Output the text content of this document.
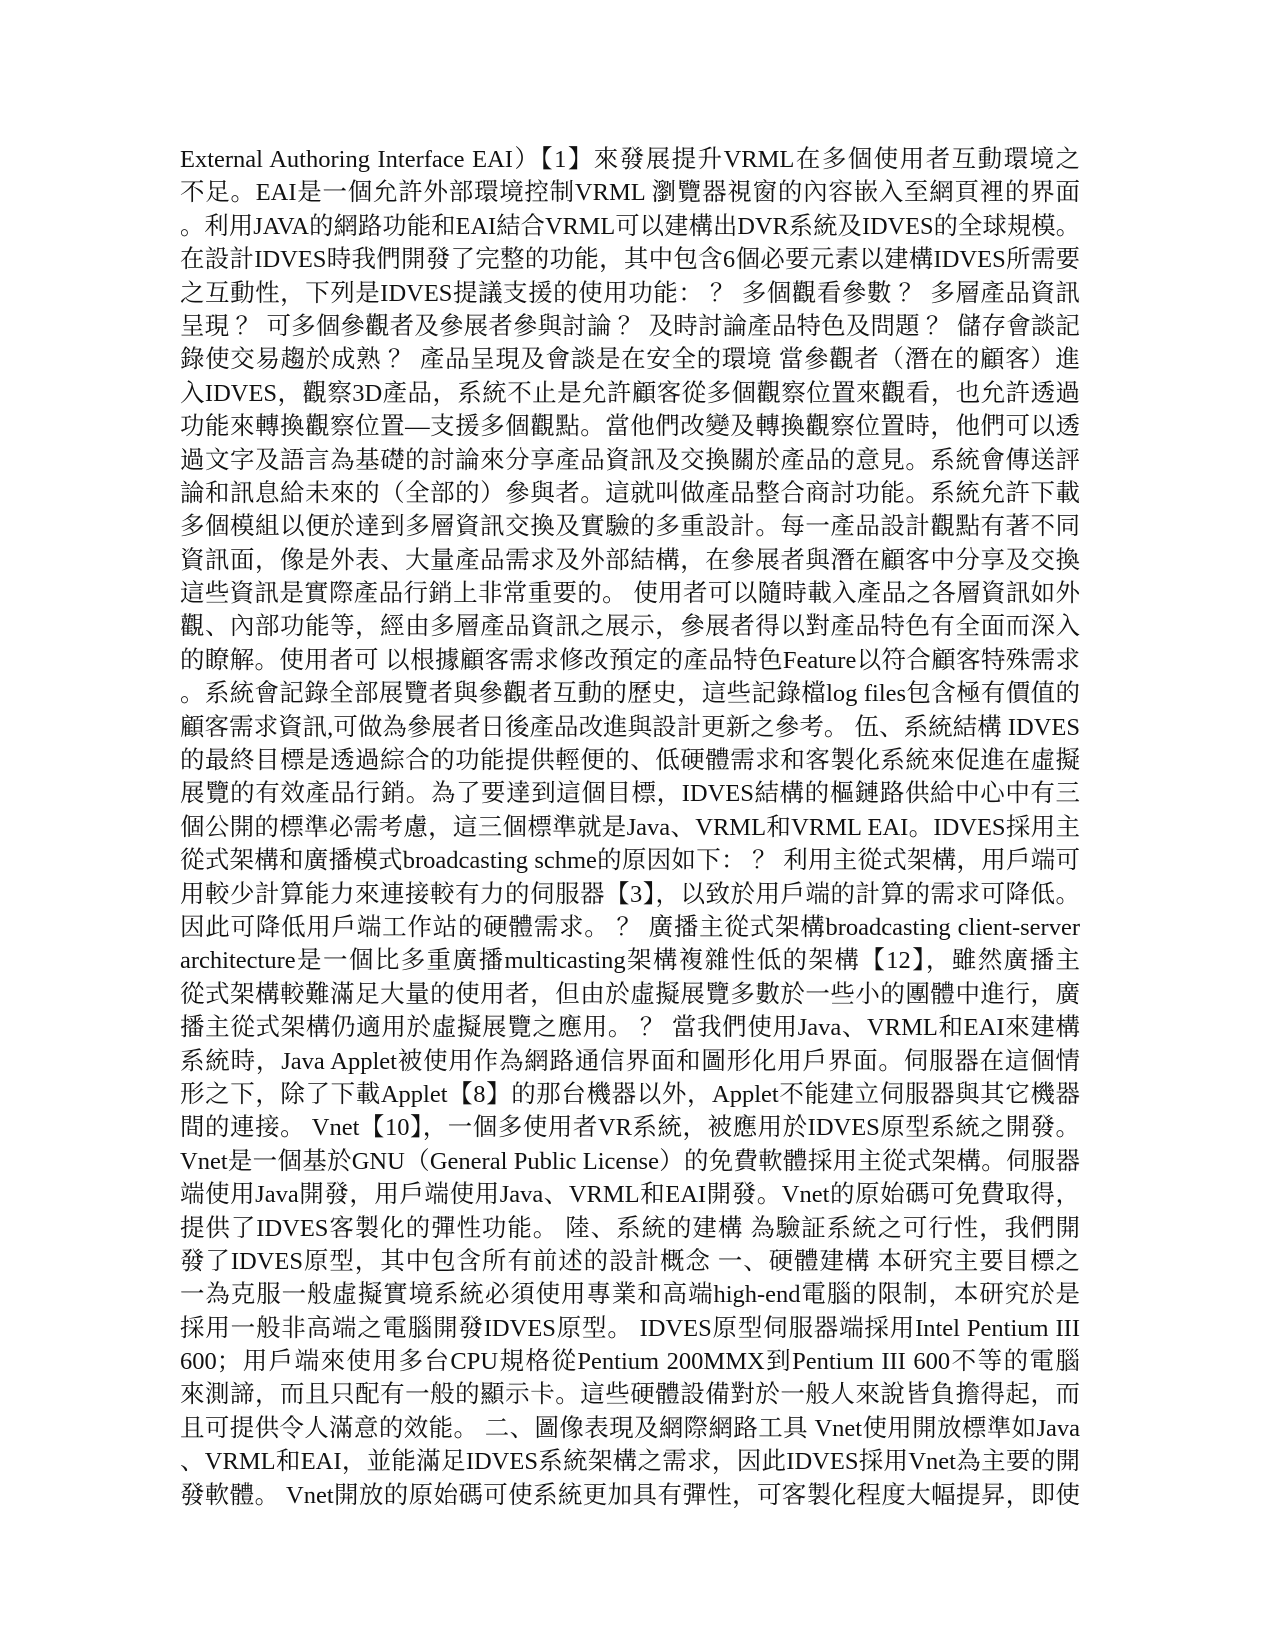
External Authoring Interface EAI）【1】來發展提升VRML在多個使用者互動環境之
不足。EAI是一個允許外部環境控制VRML 瀏覽器視窗的內容嵌入至網頁裡的界面
。利用JAVA的網路功能和EAI結合VRML可以建構出DVR系統及IDVES的全球規模。
在設計IDVES時我們開發了完整的功能，其中包含6個必要元素以建構IDVES所需要
之互動性，下列是IDVES提議支援的使用功能： ？ 多個觀看參數 ？ 多層產品資訊
呈現 ？ 可多個參觀者及參展者參與討論 ？ 及時討論產品特色及問題 ？ 儲存會談記
錄使交易趨於成熟 ？ 產品呈現及會談是在安全的環境 當參觀者（潛在的顧客）進
入IDVES，觀察3D產品，系統不止是允許顧客從多個觀察位置來觀看，也允許透過
功能來轉換觀察位置—支援多個觀點。當他們改變及轉換觀察位置時，他們可以透
過文字及語言為基礎的討論來分享產品資訊及交換關於產品的意見。系統會傳送評
論和訊息給未來的（全部的）參與者。這就叫做產品整合商討功能。系統允許下載
多個模組以便於達到多層資訊交換及實驗的多重設計。每一產品設計觀點有著不同
資訊面，像是外表、大量產品需求及外部結構，在參展者與潛在顧客中分享及交換
這些資訊是實際產品行銷上非常重要的。 使用者可以隨時載入產品之各層資訊如外
觀、內部功能等，經由多層產品資訊之展示，參展者得以對產品特色有全面而深入
的瞭解。使用者可 以根據顧客需求修改預定的產品特色Feature以符合顧客特殊需求
。系統會記錄全部展覽者與參觀者互動的歷史，這些記錄檔log files包含極有價值的
顧客需求資訊,可做為參展者日後產品改進與設計更新之參考。 伍、系統結構 IDVES
的最終目標是透過綜合的功能提供輕便的、低硬體需求和客製化系統來促進在虛擬
展覽的有效產品行銷。為了要達到這個目標，IDVES結構的樞鏈路供給中心中有三
個公開的標準必需考慮，這三個標準就是Java、VRML和VRML EAI。IDVES採用主
從式架構和廣播模式broadcasting schme的原因如下： ？ 利用主從式架構，用戶端可
用較少計算能力來連接較有力的伺服器【3】，以致於用戶端的計算的需求可降低。
因此可降低用戶端工作站的硬體需求。 ？ 廣播主從式架構broadcasting client-server
architecture是一個比多重廣播multicasting架構複雜性低的架構【12】，雖然廣播主
從式架構較難滿足大量的使用者，但由於虛擬展覽多數於一些小的團體中進行，廣
播主從式架構仍適用於虛擬展覽之應用。 ？ 當我們使用Java、VRML和EAI來建構
系統時，Java Applet被使用作為網路通信界面和圖形化用戶界面。伺服器在這個情
形之下，除了下載Applet【8】的那台機器以外，Applet不能建立伺服器與其它機器
間的連接。 Vnet【10】，一個多使用者VR系統，被應用於IDVES原型系統之開發。
Vnet是一個基於GNU（General Public License）的免費軟體採用主從式架構。伺服器
端使用Java開發，用戶端使用Java、VRML和EAI開發。Vnet的原始碼可免費取得，
提供了IDVES客製化的彈性功能。 陸、系統的建構 為驗証系統之可行性，我們開
發了IDVES原型，其中包含所有前述的設計概念 一、硬體建構 本研究主要目標之
一為克服一般虛擬實境系統必須使用專業和高端high-end電腦的限制，本研究於是
採用一般非高端之電腦開發IDVES原型。 IDVES原型伺服器端採用Intel Pentium III
600；用戶端來使用多台CPU規格從Pentium 200MMX到Pentium III 600不等的電腦
來測諦，而且只配有一般的顯示卡。這些硬體設備對於一般人來說皆負擔得起，而
且可提供令人滿意的效能。 二、圖像表現及網際網路工具 Vnet使用開放標準如Java
、VRML和EAI，並能滿足IDVES系統架構之需求，因此IDVES採用Vnet為主要的開
發軟體。 Vnet開放的原始碼可使系統更加具有彈性，可客製化程度大幅提昇，即使
